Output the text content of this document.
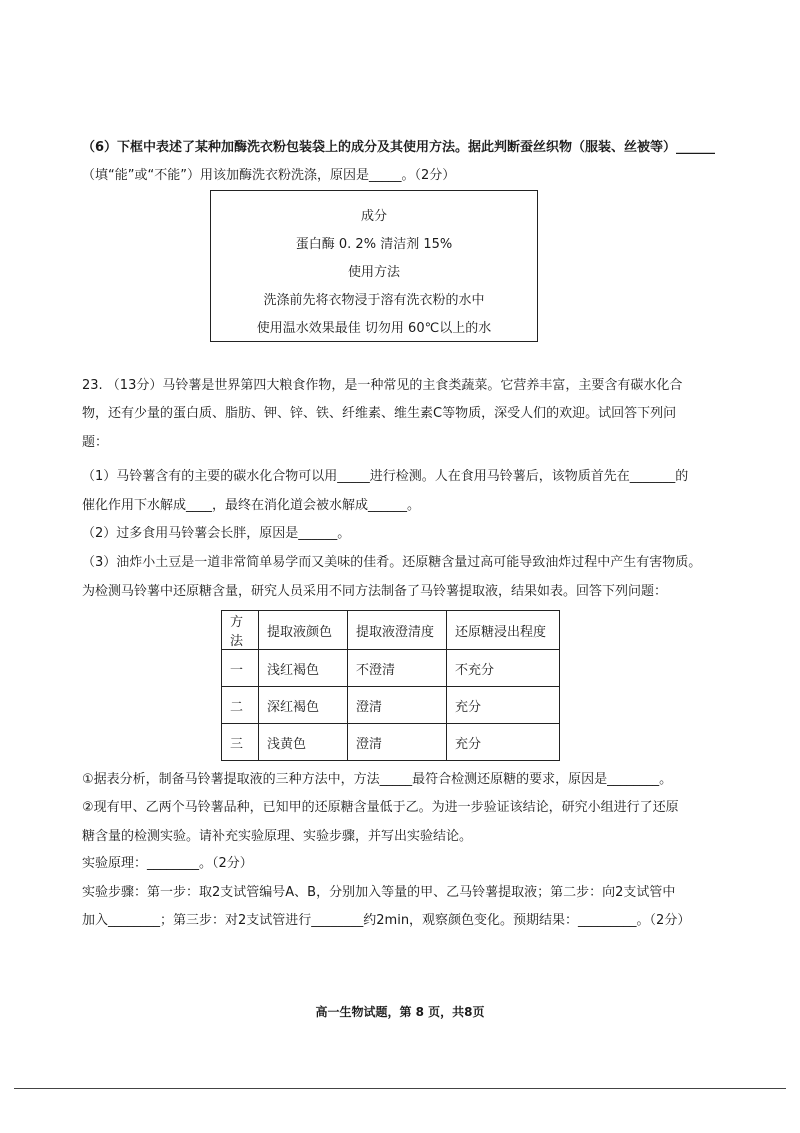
（6）下框中表述了某种加酶洗衣粉包装袋上的成分及其使用方法。据此判断蚕丝织物（服装、丝被等）______
（填“能”或“不能”）用该加酶洗衣粉洗涤，原因是_____。（2分）
成分
蛋白酶 0. 2% 清洁剂 15%
使用方法
洗涤前先将衣物浸于溶有洗衣粉的水中
使用温水效果最佳 切勿用 60℃以上的水
23. （13分）马铃薯是世界第四大粮食作物，是一种常见的主食类蔬菜。它营养丰富，主要含有碳水化合
物，还有少量的蛋白质、脂肪、钾、锌、铁、纤维素、维生素C等物质，深受人们的欢迎。试回答下列问
题：
（1）马铃薯含有的主要的碳水化合物可以用_____进行检测。人在食用马铃薯后，该物质首先在_______的
催化作用下水解成____，最终在消化道会被水解成______。
（2）过多食用马铃薯会长胖，原因是______。
（3）油炸小土豆是一道非常简单易学而又美味的佳肴。还原糖含量过高可能导致油炸过程中产生有害物质。
为检测马铃薯中还原糖含量，研究人员采用不同方法制备了马铃薯提取液，结果如表。回答下列问题：
方法	提取液颜色	提取液澄清度	还原糖浸出程度
一	浅红褐色	不澄清	不充分
二	深红褐色	澄清	充分
三	浅黄色	澄清	充分
①据表分析，制备马铃薯提取液的三种方法中，方法_____最符合检测还原糖的要求，原因是________。
②现有甲、乙两个马铃薯品种，已知甲的还原糖含量低于乙。为进一步验证该结论，研究小组进行了还原
糖含量的检测实验。请补充实验原理、实验步骤，并写出实验结论。
实验原理：________。（2分）
实验步骤：第一步：取2支试管编号A、B，分别加入等量的甲、乙马铃薯提取液；第二步：向2支试管中
加入________；第三步：对2支试管进行________约2min，观察颜色变化。预期结果：_________。（2分）
高一生物试题，第 8 页，共8页
